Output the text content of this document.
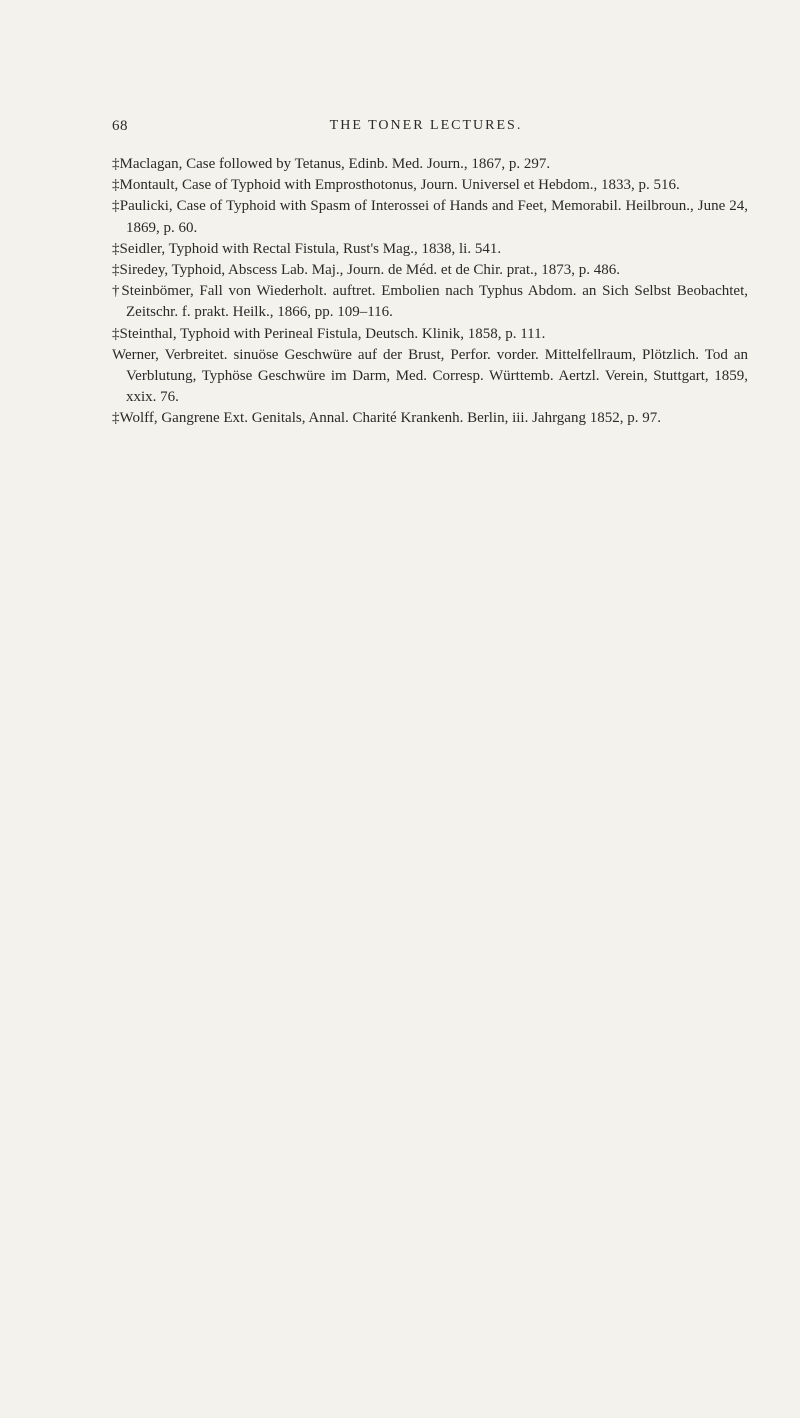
68	THE TONER LECTURES.

‡Maclagan, Case followed by Tetanus, Edinb. Med. Journ., 1867, p. 297.

‡Montault, Case of Typhoid with Emprosthotonus, Journ. Universel et Hebdom., 1833, p. 516.

‡Paulicki, Case of Typhoid with Spasm of Interossei of Hands and Feet, Memorabil. Heilbroun., June 24, 1869, p. 60.

‡Seidler, Typhoid with Rectal Fistula, Rust's Mag., 1838, li. 541.

‡Siredey, Typhoid, Abscess Lab. Maj., Journ. de Méd. et de Chir. prat., 1873, p. 486.

†Steinbömer, Fall von Wiederholt. auftret. Embolien nach Typhus Abdom. an Sich Selbst Beobachtet, Zeitschr. f. prakt. Heilk., 1866, pp. 109–116.

‡Steinthal, Typhoid with Perineal Fistula, Deutsch. Klinik, 1858, p. 111.

Werner, Verbreitet. sinuöse Geschwüre auf der Brust, Perfor. vorder. Mittelfellraum, Plötzlich. Tod an Verblutung, Typhöse Geschwüre im Darm, Med. Corresp. Württemb. Aertzl. Verein, Stuttgart, 1859, xxix. 76.

‡Wolff, Gangrene Ext. Genitals, Annal. Charité Krankenh. Berlin, iii. Jahrgang 1852, p. 97.
